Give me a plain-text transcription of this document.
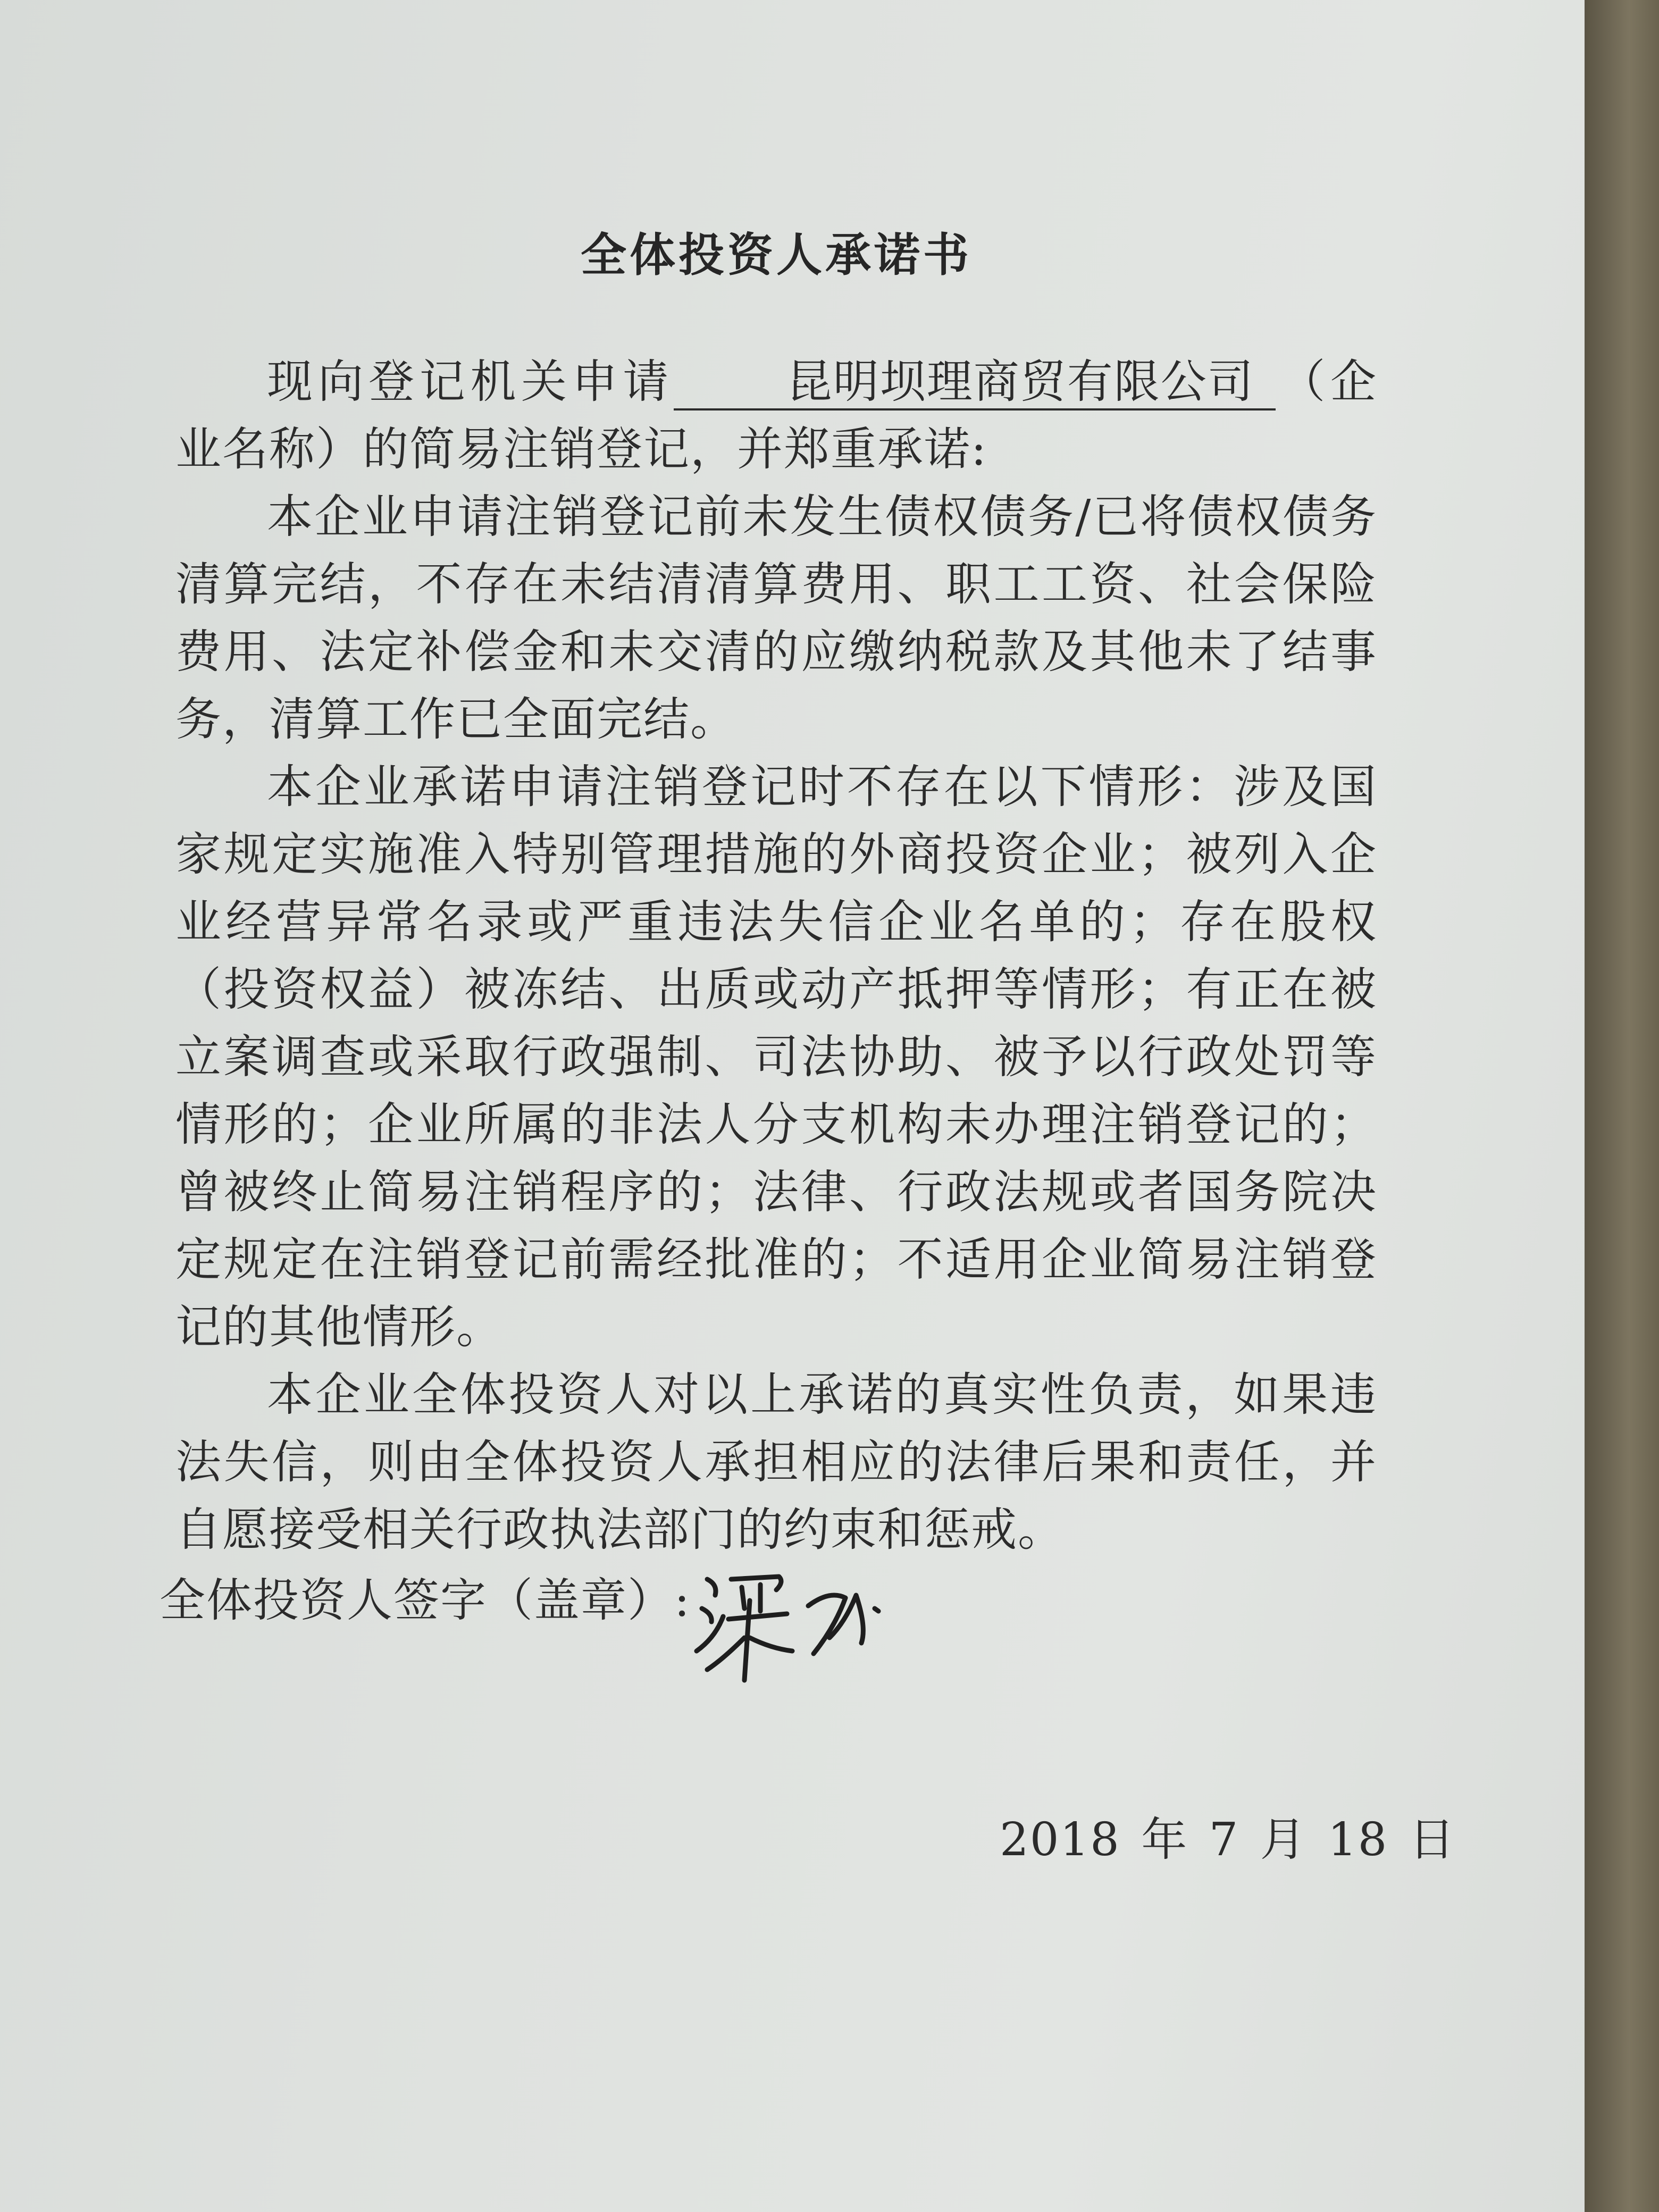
全体投资人承诺书

现向登记机关申请 昆明坝理商贸有限公司 （企业名称）的简易注销登记，并郑重承诺:

本企业申请注销登记前未发生债权债务/已将债权债务清算完结，不存在未结清清算费用、职工工资、社会保险费用、法定补偿金和未交清的应缴纳税款及其他未了结事务，清算工作已全面完结。

本企业承诺申请注销登记时不存在以下情形：涉及国家规定实施准入特别管理措施的外商投资企业；被列入企业经营异常名录或严重违法失信企业名单的；存在股权（投资权益）被冻结、出质或动产抵押等情形；有正在被立案调查或采取行政强制、司法协助、被予以行政处罚等情形的；企业所属的非法人分支机构未办理注销登记的；曾被终止简易注销程序的；法律、行政法规或者国务院决定规定在注销登记前需经批准的；不适用企业简易注销登记的其他情形。

本企业全体投资人对以上承诺的真实性负责，如果违法失信，则由全体投资人承担相应的法律后果和责任，并自愿接受相关行政执法部门的约束和惩戒。

全体投资人签字（盖章）:
2018 年 7 月 18 日
